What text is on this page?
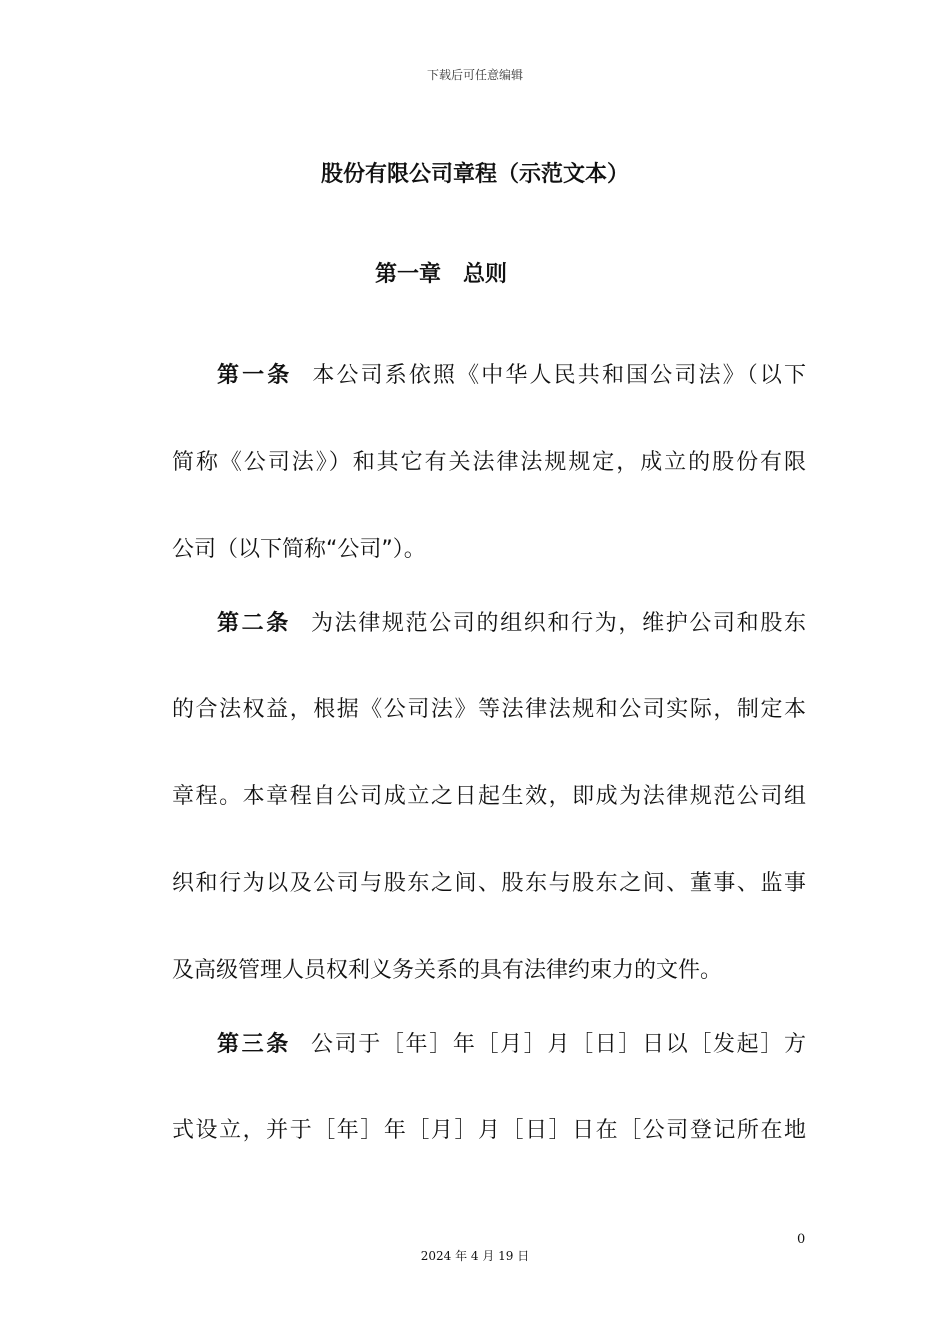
下载后可任意编辑
股份有限公司章程（示范文本）
第一章　总则
第一条 本公司系依照《中华人民共和国公司法》（以下
简称《公司法》）和其它有关法律法规规定，成立的股份有限
公司（以下简称“公司”）。
第二条 为法律规范公司的组织和行为，维护公司和股东
的合法权益，根据《公司法》等法律法规和公司实际，制定本
章程。本章程自公司成立之日起生效，即成为法律规范公司组
织和行为以及公司与股东之间、股东与股东之间、董事、监事
及高级管理人员权利义务关系的具有法律约束力的文件。
第三条 公司于［年］年［月］月［日］日以［发起］方
式设立，并于［年］年［月］月［日］日在［公司登记所在地
0
2024 年 4 月 19 日
